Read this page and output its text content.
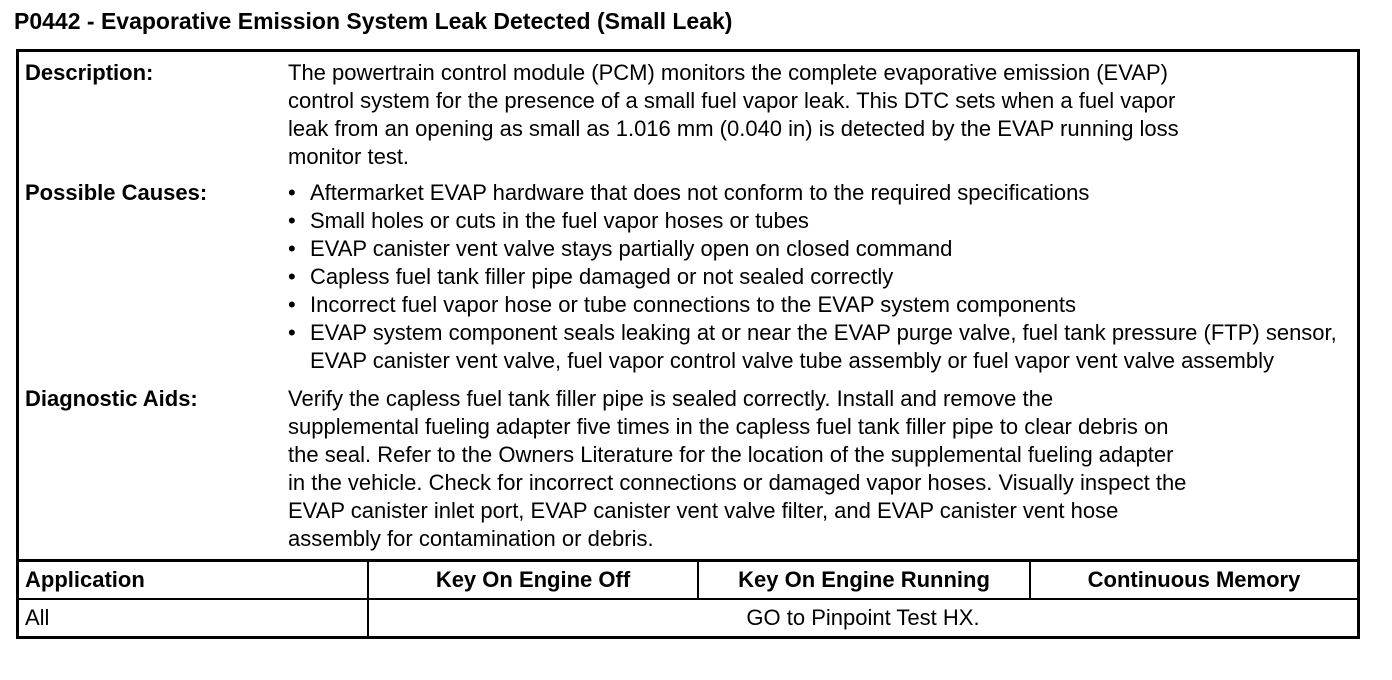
P0442 - Evaporative Emission System Leak Detected (Small Leak)
Description:	The powertrain control module (PCM) monitors the complete evaporative emission (EVAP)
control system for the presence of a small fuel vapor leak. This DTC sets when a fuel vapor
leak from an opening as small as 1.016 mm (0.040 in) is detected by the EVAP running loss
monitor test.
Possible Causes:	• Aftermarket EVAP hardware that does not conform to the required specifications
• Small holes or cuts in the fuel vapor hoses or tubes
• EVAP canister vent valve stays partially open on closed command
• Capless fuel tank filler pipe damaged or not sealed correctly
• Incorrect fuel vapor hose or tube connections to the EVAP system components
• EVAP system component seals leaking at or near the EVAP purge valve, fuel tank pressure (FTP) sensor, EVAP canister vent valve, fuel vapor control valve tube assembly or fuel vapor vent valve assembly
Diagnostic Aids:	Verify the capless fuel tank filler pipe is sealed correctly. Install and remove the
supplemental fueling adapter five times in the capless fuel tank filler pipe to clear debris on
the seal. Refer to the Owners Literature for the location of the supplemental fueling adapter
in the vehicle. Check for incorrect connections or damaged vapor hoses. Visually inspect the
EVAP canister inlet port, EVAP canister vent valve filter, and EVAP canister vent hose
assembly for contamination or debris.
Application	Key On Engine Off	Key On Engine Running	Continuous Memory
All	GO to Pinpoint Test HX.
